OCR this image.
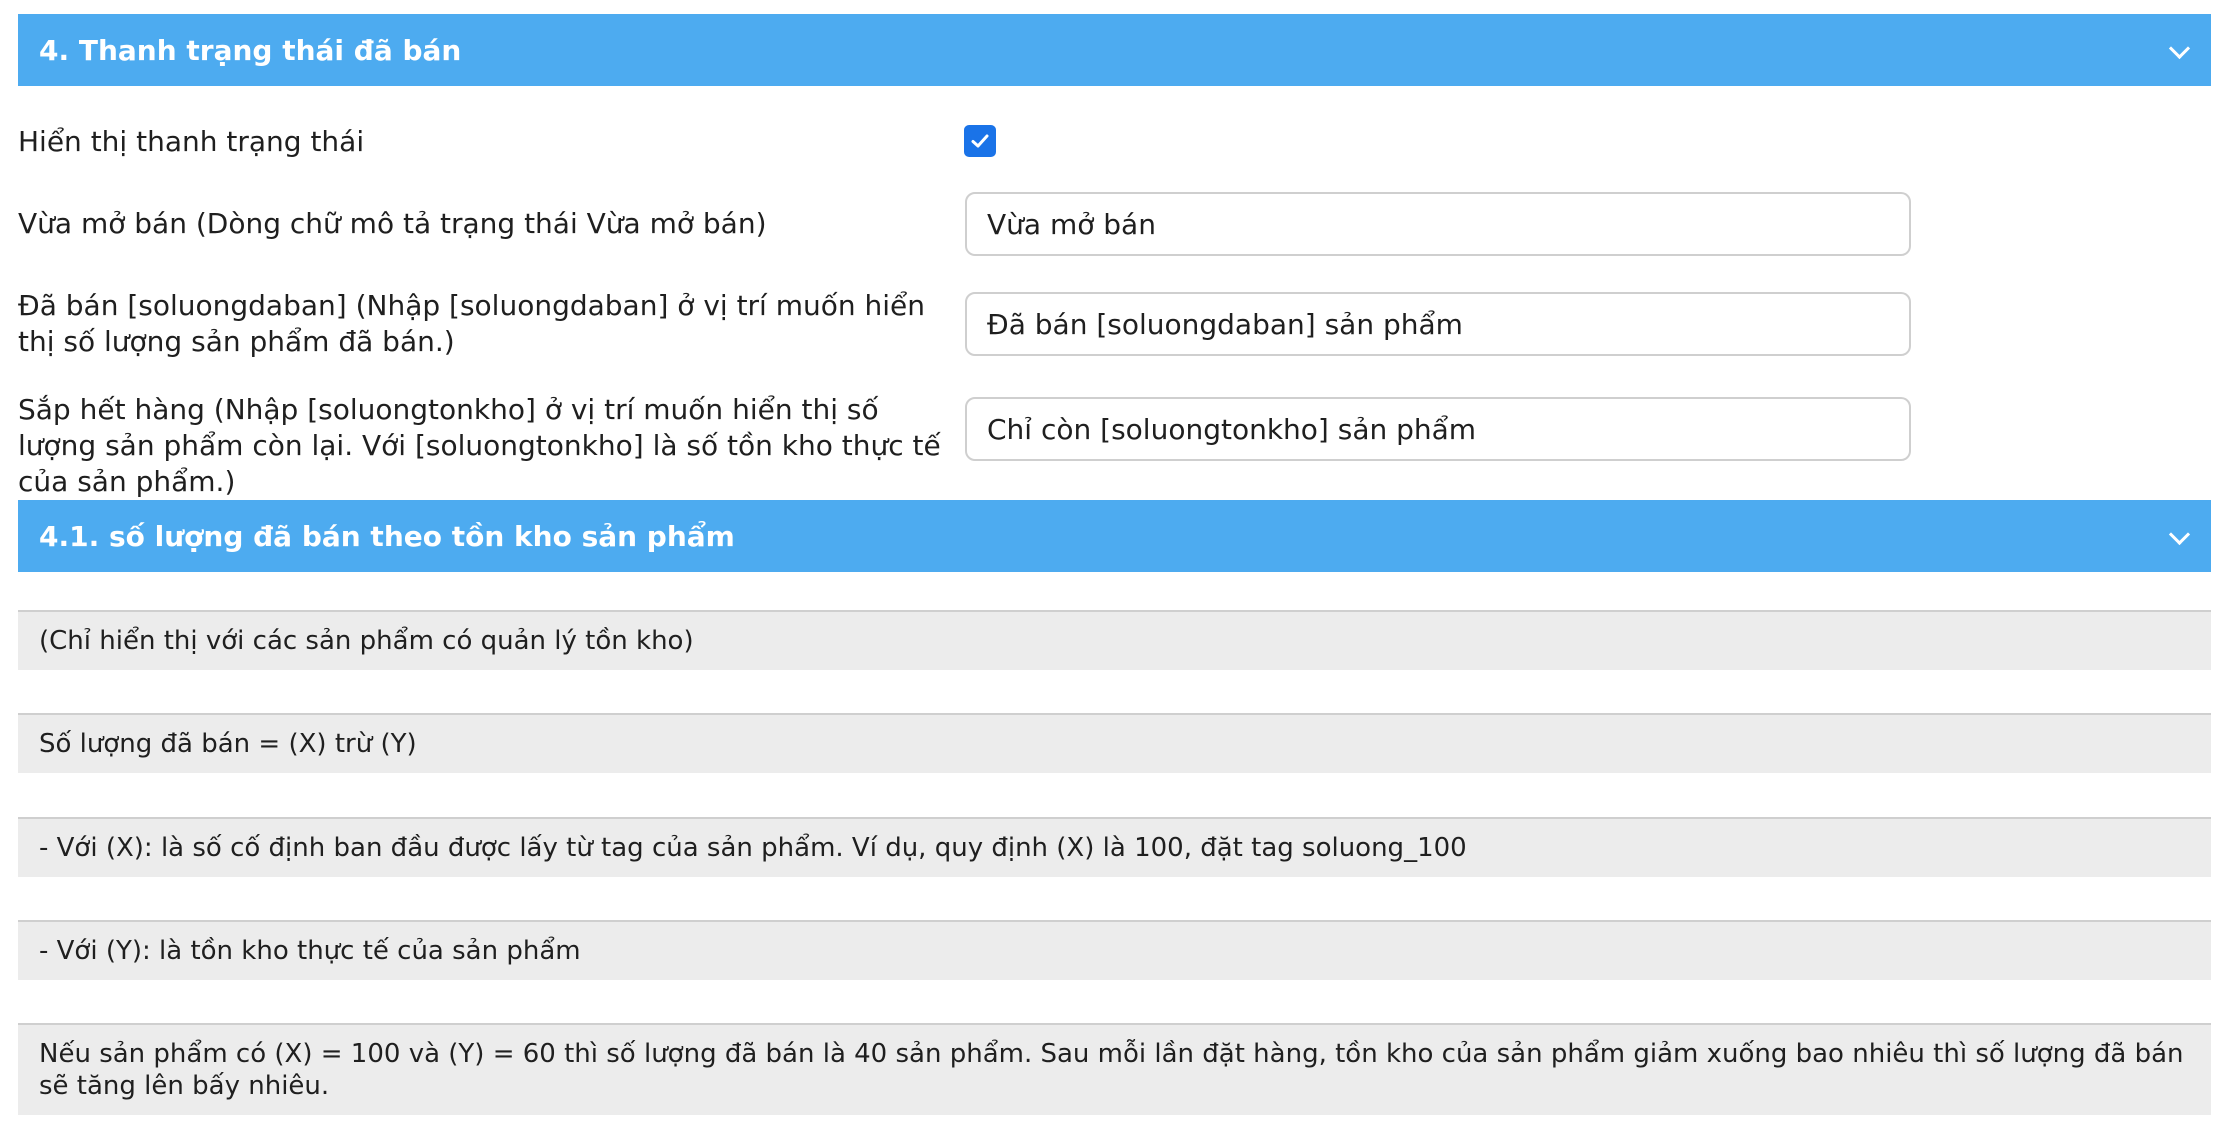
4. Thanh trạng thái đã bán
Hiển thị thanh trạng thái
Vừa mở bán (Dòng chữ mô tả trạng thái Vừa mở bán)
Vừa mở bán
Đã bán [soluongdaban] (Nhập [soluongdaban] ở vị trí muốn hiển thị số lượng sản phẩm đã bán.)
Đã bán [soluongdaban] sản phẩm
Sắp hết hàng (Nhập [soluongtonkho] ở vị trí muốn hiển thị số lượng sản phẩm còn lại. Với [soluongtonkho] là số tồn kho thực tế của sản phẩm.)
Chỉ còn [soluongtonkho] sản phẩm
4.1. số lượng đã bán theo tồn kho sản phẩm
(Chỉ hiển thị với các sản phẩm có quản lý tồn kho)
Số lượng đã bán = (X) trừ (Y)
- Với (X): là số cố định ban đầu được lấy từ tag của sản phẩm. Ví dụ, quy định (X) là 100, đặt tag soluong_100
- Với (Y): là tồn kho thực tế của sản phẩm
Nếu sản phẩm có (X) = 100 và (Y) = 60 thì số lượng đã bán là 40 sản phẩm. Sau mỗi lần đặt hàng, tồn kho của sản phẩm giảm xuống bao nhiêu thì số lượng đã bán sẽ tăng lên bấy nhiêu.
